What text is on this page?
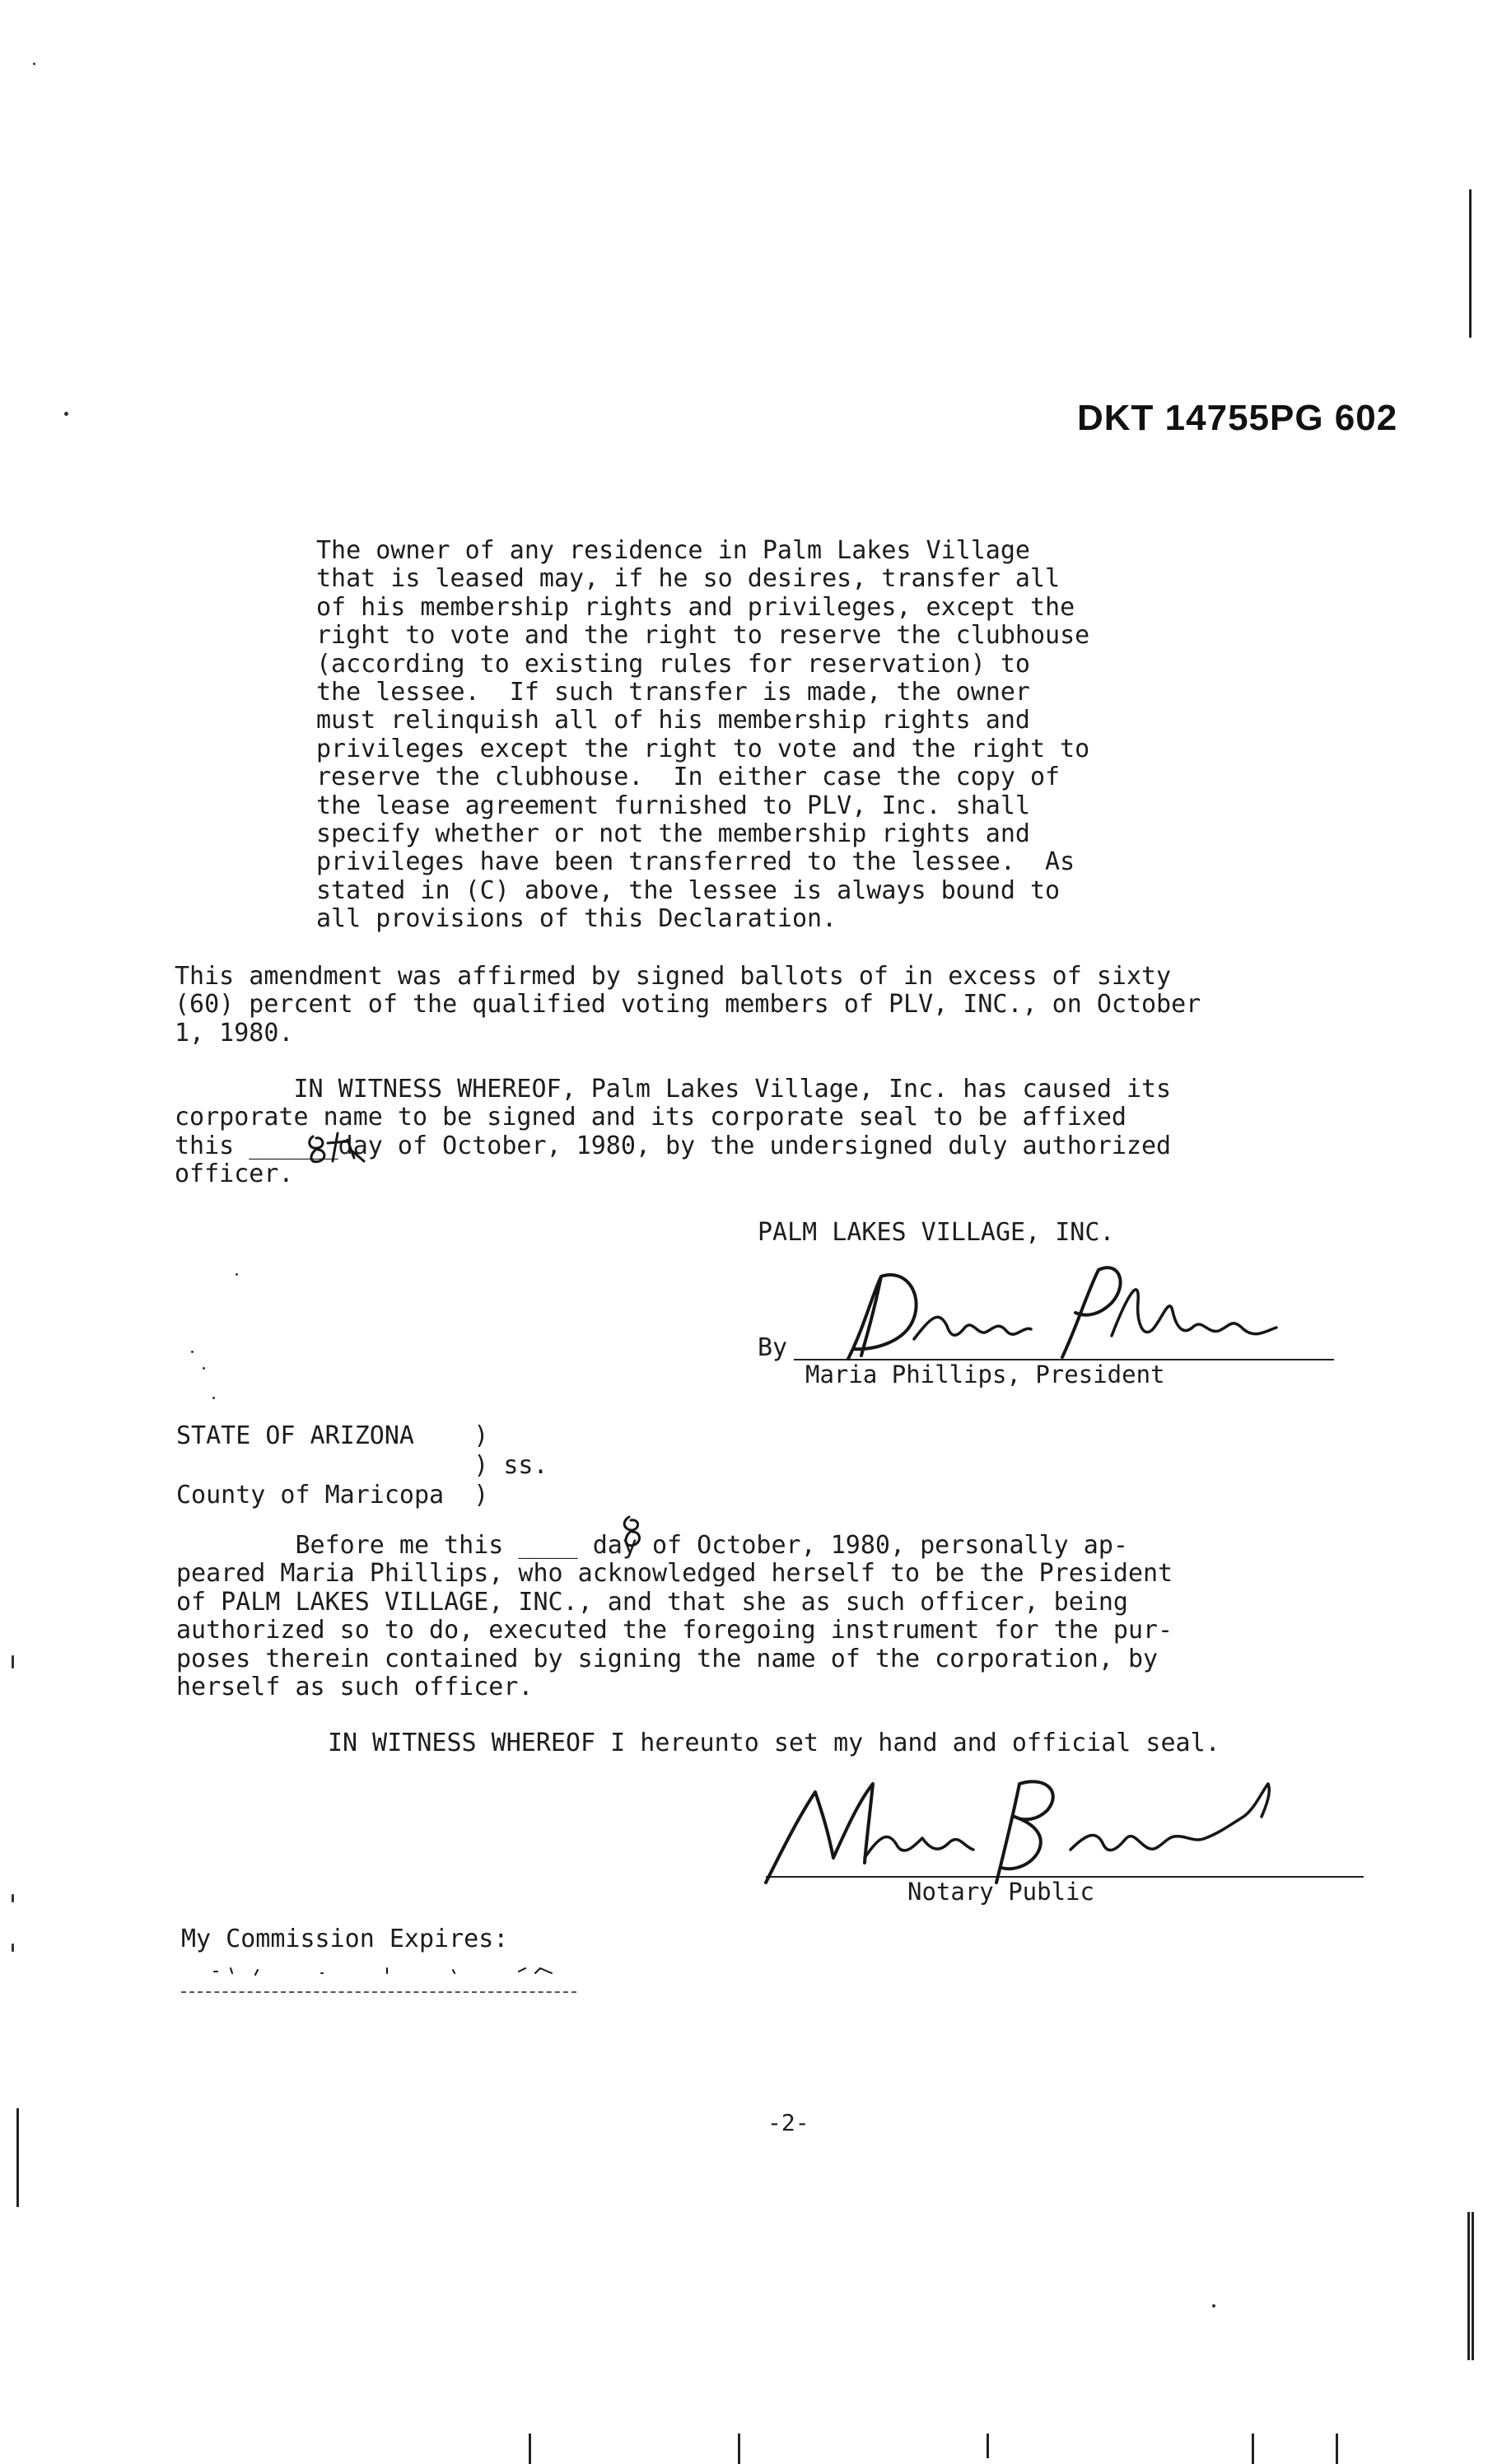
DKT 14755PG 602
The owner of any residence in Palm Lakes Village
that is leased may, if he so desires, transfer all
of his membership rights and privileges, except the
right to vote and the right to reserve the clubhouse
(according to existing rules for reservation) to
the lessee.  If such transfer is made, the owner
must relinquish all of his membership rights and
privileges except the right to vote and the right to
reserve the clubhouse.  In either case the copy of
the lease agreement furnished to PLV, Inc. shall
specify whether or not the membership rights and
privileges have been transferred to the lessee.  As
stated in (C) above, the lessee is always bound to
all provisions of this Declaration.
This amendment was affirmed by signed ballots of in excess of sixty
(60) percent of the qualified voting members of PLV, INC., on October
1, 1980.
IN WITNESS WHEREOF, Palm Lakes Village, Inc. has caused its
corporate name to be signed and its corporate seal to be affixed
this ______day of October, 1980, by the undersigned duly authorized
officer.
PALM LAKES VILLAGE, INC.
By
Maria Phillips, President
STATE OF ARIZONA    )
) ss.
County of Maricopa  )
Before me this ____ day of October, 1980, personally ap-
peared Maria Phillips, who acknowledged herself to be the President
of PALM LAKES VILLAGE, INC., and that she as such officer, being
authorized so to do, executed the foregoing instrument for the pur-
poses therein contained by signing the name of the corporation, by
herself as such officer.
IN WITNESS WHEREOF I hereunto set my hand and official seal.
Notary Public
My Commission Expires:
-2-
